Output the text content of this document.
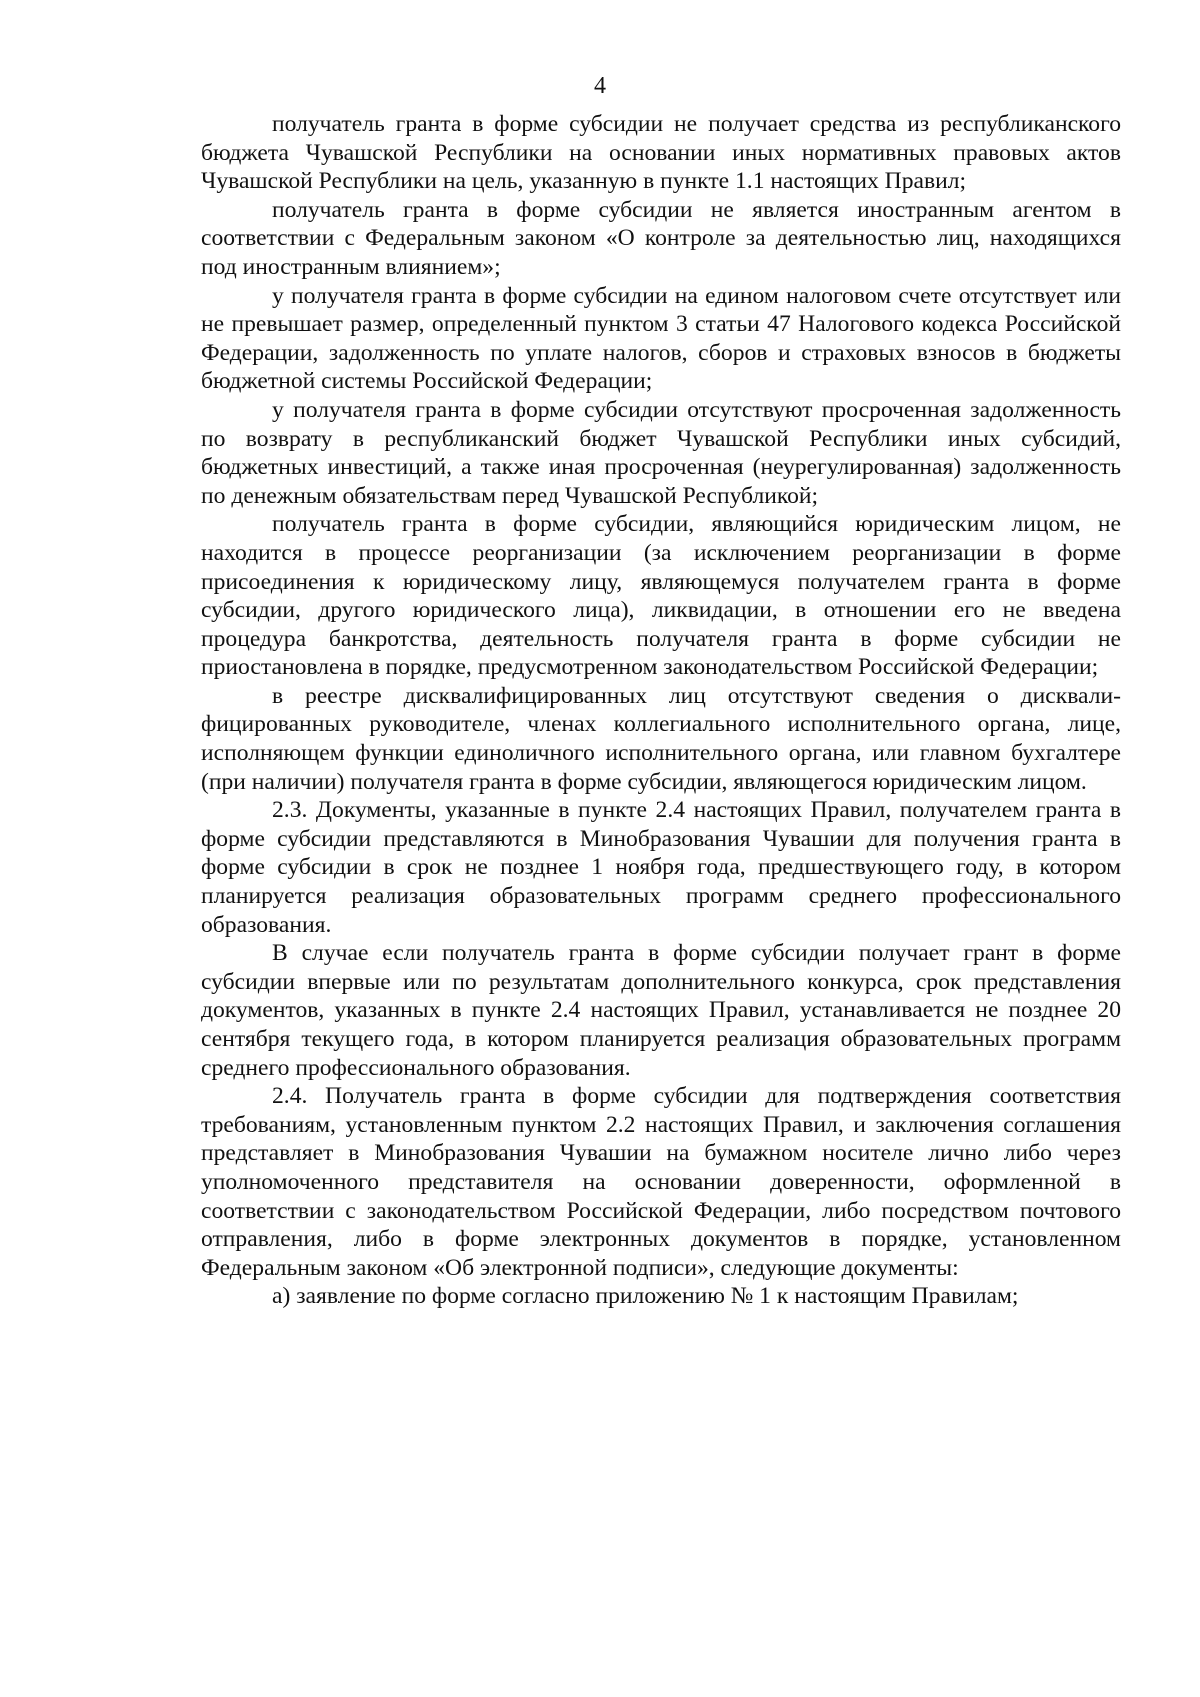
4

получатель гранта в форме субсидии не получает средства из республиканского бюджета Чувашской Республики на основании иных нормативных правовых актов Чувашской Республики на цель, указанную в пункте 1.1 настоящих Правил;

получатель гранта в форме субсидии не является иностранным агентом в соответствии с Федеральным законом «О контроле за деятельностью лиц, находящихся под иностранным влиянием»;

у получателя гранта в форме субсидии на едином налоговом счете отсутствует или не превышает размер, определенный пунктом 3 статьи 47 Налогового кодекса Российской Федерации, задолженность по уплате налогов, сборов и страховых взносов в бюджеты бюджетной системы Российской Федерации;

у получателя гранта в форме субсидии отсутствуют просроченная задолженность по возврату в республиканский бюджет Чувашской Республики иных субсидий, бюджетных инвестиций, а также иная просроченная (неурегулированная) задолженность по денежным обязательствам перед Чувашской Республикой;

получатель гранта в форме субсидии, являющийся юридическим лицом, не находится в процессе реорганизации (за исключением реорганизации в форме присоединения к юридическому лицу, являющемуся получателем гранта в форме субсидии, другого юридического лица), ликвидации, в отношении его не введена процедура банкротства, деятельность получателя гранта в форме субсидии не приостановлена в порядке, предусмотренном законодательством Российской Федерации;

в реестре дисквалифицированных лиц отсутствуют сведения о дисквалифицированных руководителе, членах коллегиального исполнительного органа, лице, исполняющем функции единоличного исполнительного органа, или главном бухгалтере (при наличии) получателя гранта в форме субсидии, являющегося юридическим лицом.

2.3. Документы, указанные в пункте 2.4 настоящих Правил, получателем гранта в форме субсидии представляются в Минобразования Чувашии для получения гранта в форме субсидии в срок не позднее 1 ноября года, предшествующего году, в котором планируется реализация образовательных программ среднего профессионального образования.

В случае если получатель гранта в форме субсидии получает грант в форме субсидии впервые или по результатам дополнительного конкурса, срок представления документов, указанных в пункте 2.4 настоящих Правил, устанавливается не позднее 20 сентября текущего года, в котором планируется реализация образовательных программ среднего профессионального образования.

2.4. Получатель гранта в форме субсидии для подтверждения соответствия требованиям, установленным пунктом 2.2 настоящих Правил, и заключения соглашения представляет в Минобразования Чувашии на бумажном носителе лично либо через уполномоченного представителя на основании доверенности, оформленной в соответствии с законодательством Российской Федерации, либо посредством почтового отправления, либо в форме электронных документов в порядке, установленном Федеральным законом «Об электронной подписи», следующие документы:

а) заявление по форме согласно приложению № 1 к настоящим Правилам;
